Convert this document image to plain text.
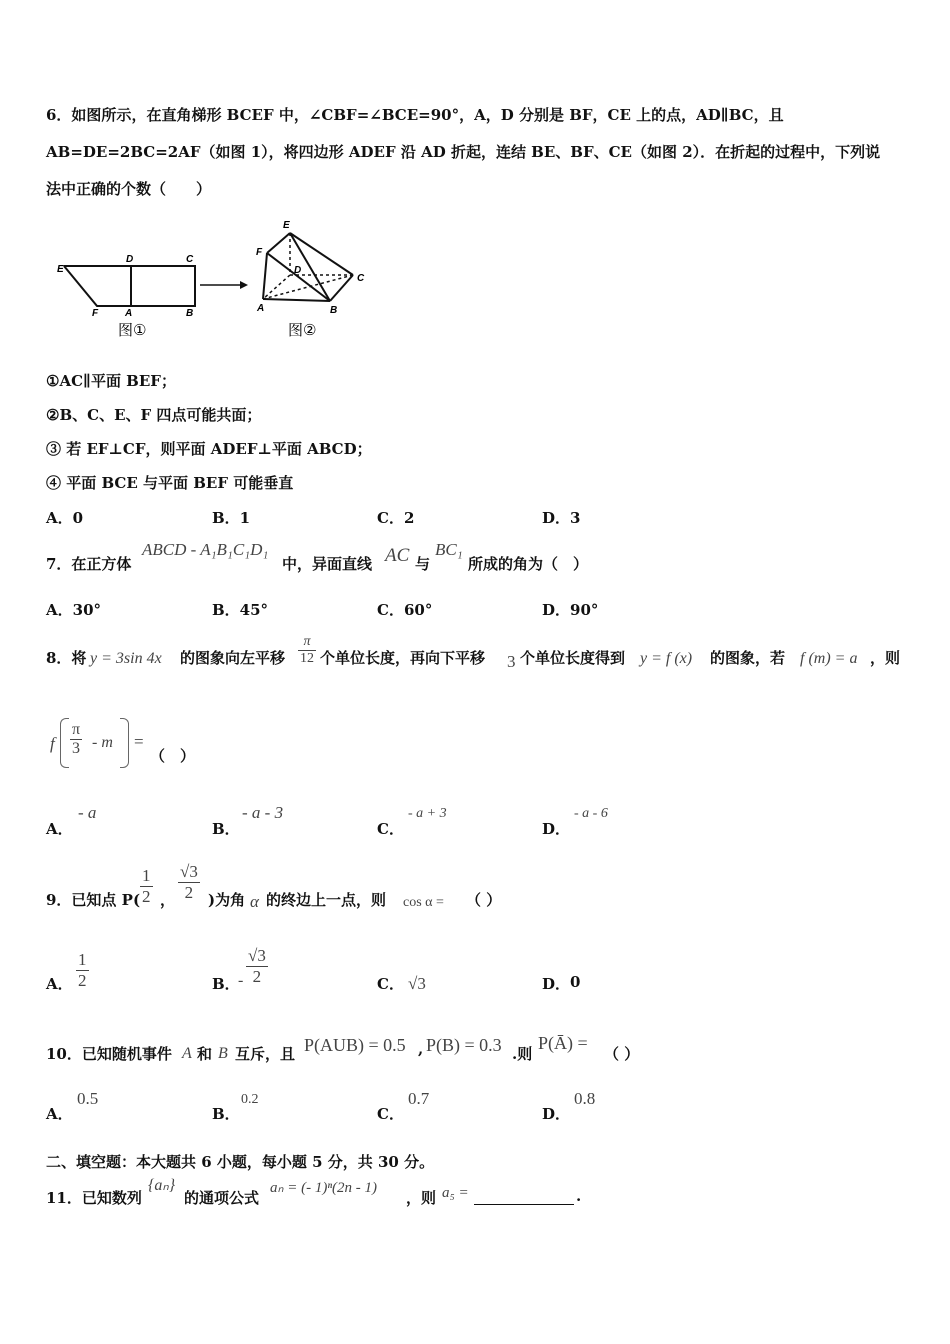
6．如图所示，在直角梯形 BCEF 中，∠CBF=∠BCE=90°，A，D 分别是 BF，CE 上的点，AD∥BC，且
AB=DE=2BC=2AF（如图 1），将四边形 ADEF 沿 AD 折起，连结 BE、BF、CE（如图 2）．在折起的过程中，下列说
法中正确的个数（　　）
E
D	C
F	A	B
图①
E
D
C
F
A	B
图②
①AC∥平面 BEF；
②B、C、E、F 四点可能共面；
③ 若 EF⊥CF，则平面 ADEF⊥平面 ABCD；
④ 平面 BCE 与平面 BEF 可能垂直
A．0	B．1	C．2	D．3
7．在正方体
ABCD - A₁B₁C₁D₁
中，异面直线 AC 与
BC₁
所成的角为（　）
A．30°	B．45°	C．60°	D．90°
8．将 y = 3sin 4x 的图象向左平移 $\frac{\pi}{12}$ 个单位长度，再向下平移 3 个单位长度得到 y = f (x) 的图象，若 f (m) = a ，则
f $\frac{\pi}{3}$ - m =
（　）
A．
- a
B．
- a - 3
C．
- a + 3
D．
- a - 6
9．已知点 $P( \frac{1}{2}$ ， $\frac{√3}{2}$ )为角 α 的终边上一点，则 cos α = （ ）
A． $\frac{1}{2}$	B．
- $\frac{√3}{2}$	C． √3	D． 0
10．已知随机事件 A 和 B 互斥，且 P(AUB) = 0.5 , P(B) = 0.3 .则
P(Ā) =
（ ）
A．
0.5
B．
0.2
C．
0.7
D．
0.8
二、填空题：本大题共 6 小题，每小题 5 分，共 30 分。
11．已知数列
{aₙ}
的通项公式
aₙ = (- 1)ⁿ(2n - 1)
，则 a₅ =	.
